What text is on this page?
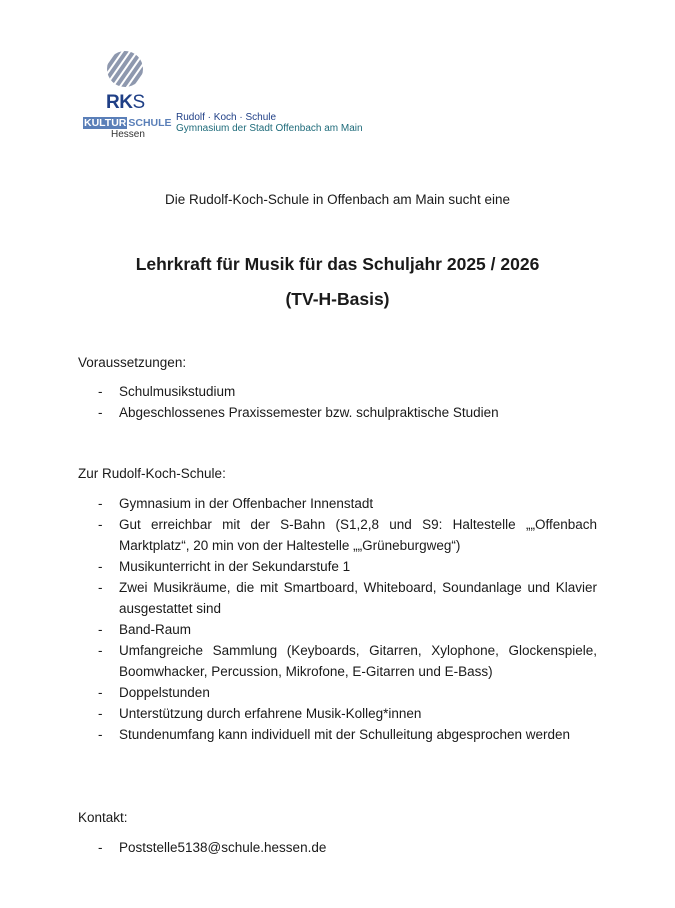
RKS
KULTUR SCHULE
Hessen
Rudolf · Koch · Schule
Gymnasium der Stadt Offenbach am Main
Die Rudolf-Koch-Schule in Offenbach am Main sucht eine
Lehrkraft für Musik für das Schuljahr 2025 / 2026
(TV-H-Basis)
Voraussetzungen:
- Schulmusikstudium
- Abgeschlossenes Praxissemester bzw. schulpraktische Studien
Zur Rudolf-Koch-Schule:
- Gymnasium in der Offenbacher Innenstadt
- Gut erreichbar mit der S-Bahn (S1,2,8 und S9: Haltestelle „„Offenbach Marktplatz“, 20 min von der Haltestelle „„Grüneburgweg“)
- Musikunterricht in der Sekundarstufe 1
- Zwei Musikräume, die mit Smartboard, Whiteboard, Soundanlage und Klavier ausgestattet sind
- Band-Raum
- Umfangreiche Sammlung (Keyboards, Gitarren, Xylophone, Glockenspiele, Boomwhacker, Percussion, Mikrofone, E-Gitarren und E-Bass)
- Doppelstunden
- Unterstützung durch erfahrene Musik-Kolleg*innen
- Stundenumfang kann individuell mit der Schulleitung abgesprochen werden
Kontakt:
- Poststelle5138@schule.hessen.de
